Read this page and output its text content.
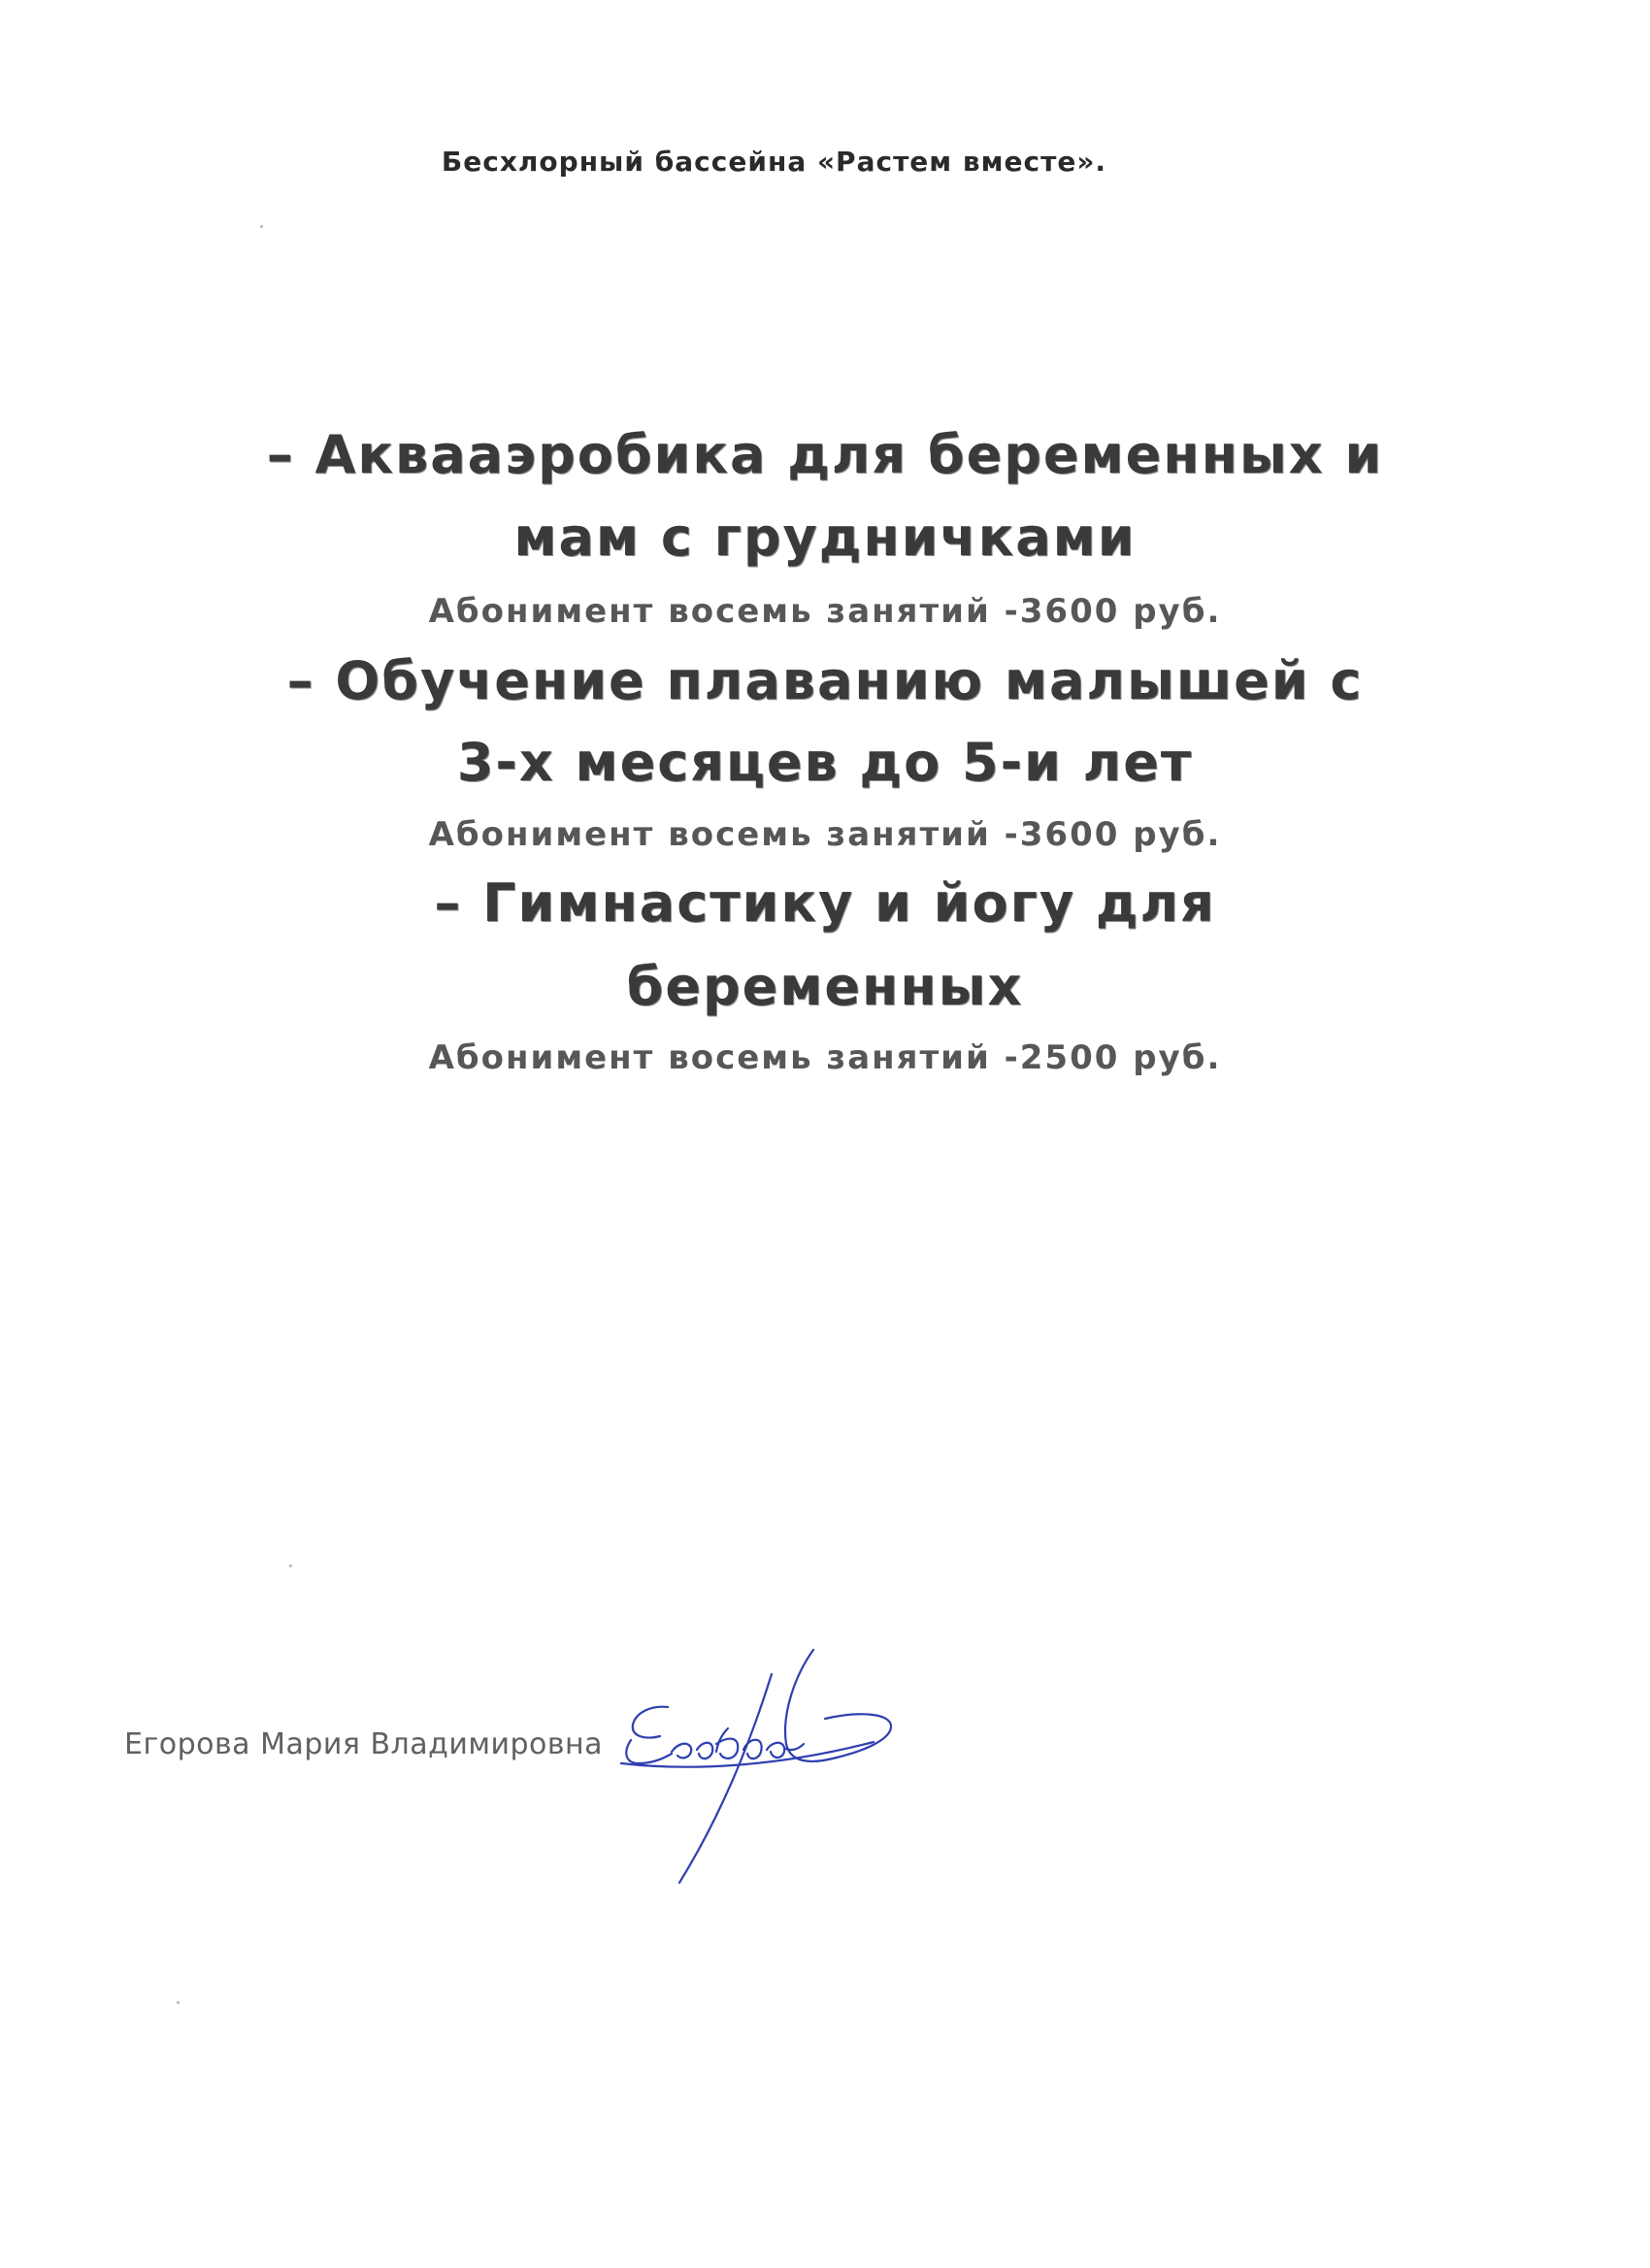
Бесхлорный бассейна «Растем вместе».
– Аквааэробика для беременных и
мам с грудничками
Абонимент восемь занятий -3600 руб.
– Обучение плаванию малышей с
3-х месяцев до 5-и лет
Абонимент восемь занятий -3600 руб.
– Гимнастику и йогу для
беременных
Абонимент восемь занятий -2500 руб.
Егорова Мария Владимировна
